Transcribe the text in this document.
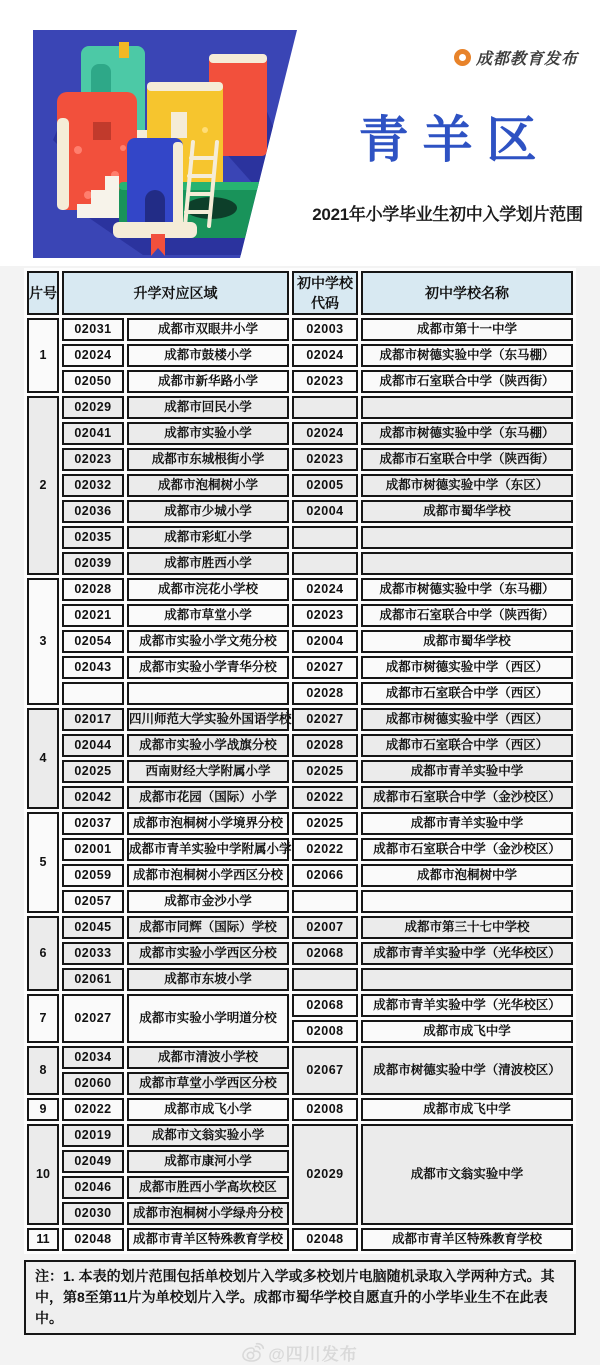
成都教育发布
青羊区
2021年小学毕业生初中入学划片范围
片号	升学对应区域		初中学校代码	初中学校名称
1	02031	成都市双眼井小学	02003	成都市第十一中学
	02024	成都市鼓楼小学	02024	成都市树德实验中学（东马棚）
	02050	成都市新华路小学	02023	成都市石室联合中学（陕西街）
2	02029	成都市回民小学		
	02041	成都市实验小学	02024	成都市树德实验中学（东马棚）
	02023	成都市东城根街小学	02023	成都市石室联合中学（陕西街）
	02032	成都市泡桐树小学	02005	成都市树德实验中学（东区）
	02036	成都市少城小学	02004	成都市蜀华学校
	02035	成都市彩虹小学		
	02039	成都市胜西小学		
3	02028	成都市浣花小学校	02024	成都市树德实验中学（东马棚）
	02021	成都市草堂小学	02023	成都市石室联合中学（陕西街）
	02054	成都市实验小学文苑分校	02004	成都市蜀华学校
	02043	成都市实验小学青华分校	02027	成都市树德实验中学（西区）
			02028	成都市石室联合中学（西区）
4	02017	四川师范大学实验外国语学校	02027	成都市树德实验中学（西区）
	02044	成都市实验小学战旗分校	02028	成都市石室联合中学（西区）
	02025	西南财经大学附属小学	02025	成都市青羊实验中学
	02042	成都市花园（国际）小学	02022	成都市石室联合中学（金沙校区）
5	02037	成都市泡桐树小学境界分校	02025	成都市青羊实验中学
	02001	成都市青羊实验中学附属小学	02022	成都市石室联合中学（金沙校区）
	02059	成都市泡桐树小学西区分校	02066	成都市泡桐树中学
	02057	成都市金沙小学		
6	02045	成都市同辉（国际）学校	02007	成都市第三十七中学校
	02033	成都市实验小学西区分校	02068	成都市青羊实验中学（光华校区）
	02061	成都市东坡小学		
7	02027	成都市实验小学明道分校	02068	成都市青羊实验中学（光华校区）
			02008	成都市成飞中学
8	02034	成都市清波小学校	02067	成都市树德实验中学（清波校区）
	02060	成都市草堂小学西区分校		
9	02022	成都市成飞小学	02008	成都市成飞中学
10	02019	成都市文翁实验小学	02029	成都市文翁实验中学
	02049	成都市康河小学		
	02046	成都市胜西小学高坎校区		
	02030	成都市泡桐树小学绿舟分校		
11	02048	成都市青羊区特殊教育学校	02048	成都市青羊区特殊教育学校
注：1. 本表的划片范围包括单校划片入学或多校划片电脑随机录取入学两种方式。其中，第8至第11片为单校划片入学。成都市蜀华学校自愿直升的小学毕业生不在此表中。
@四川发布
